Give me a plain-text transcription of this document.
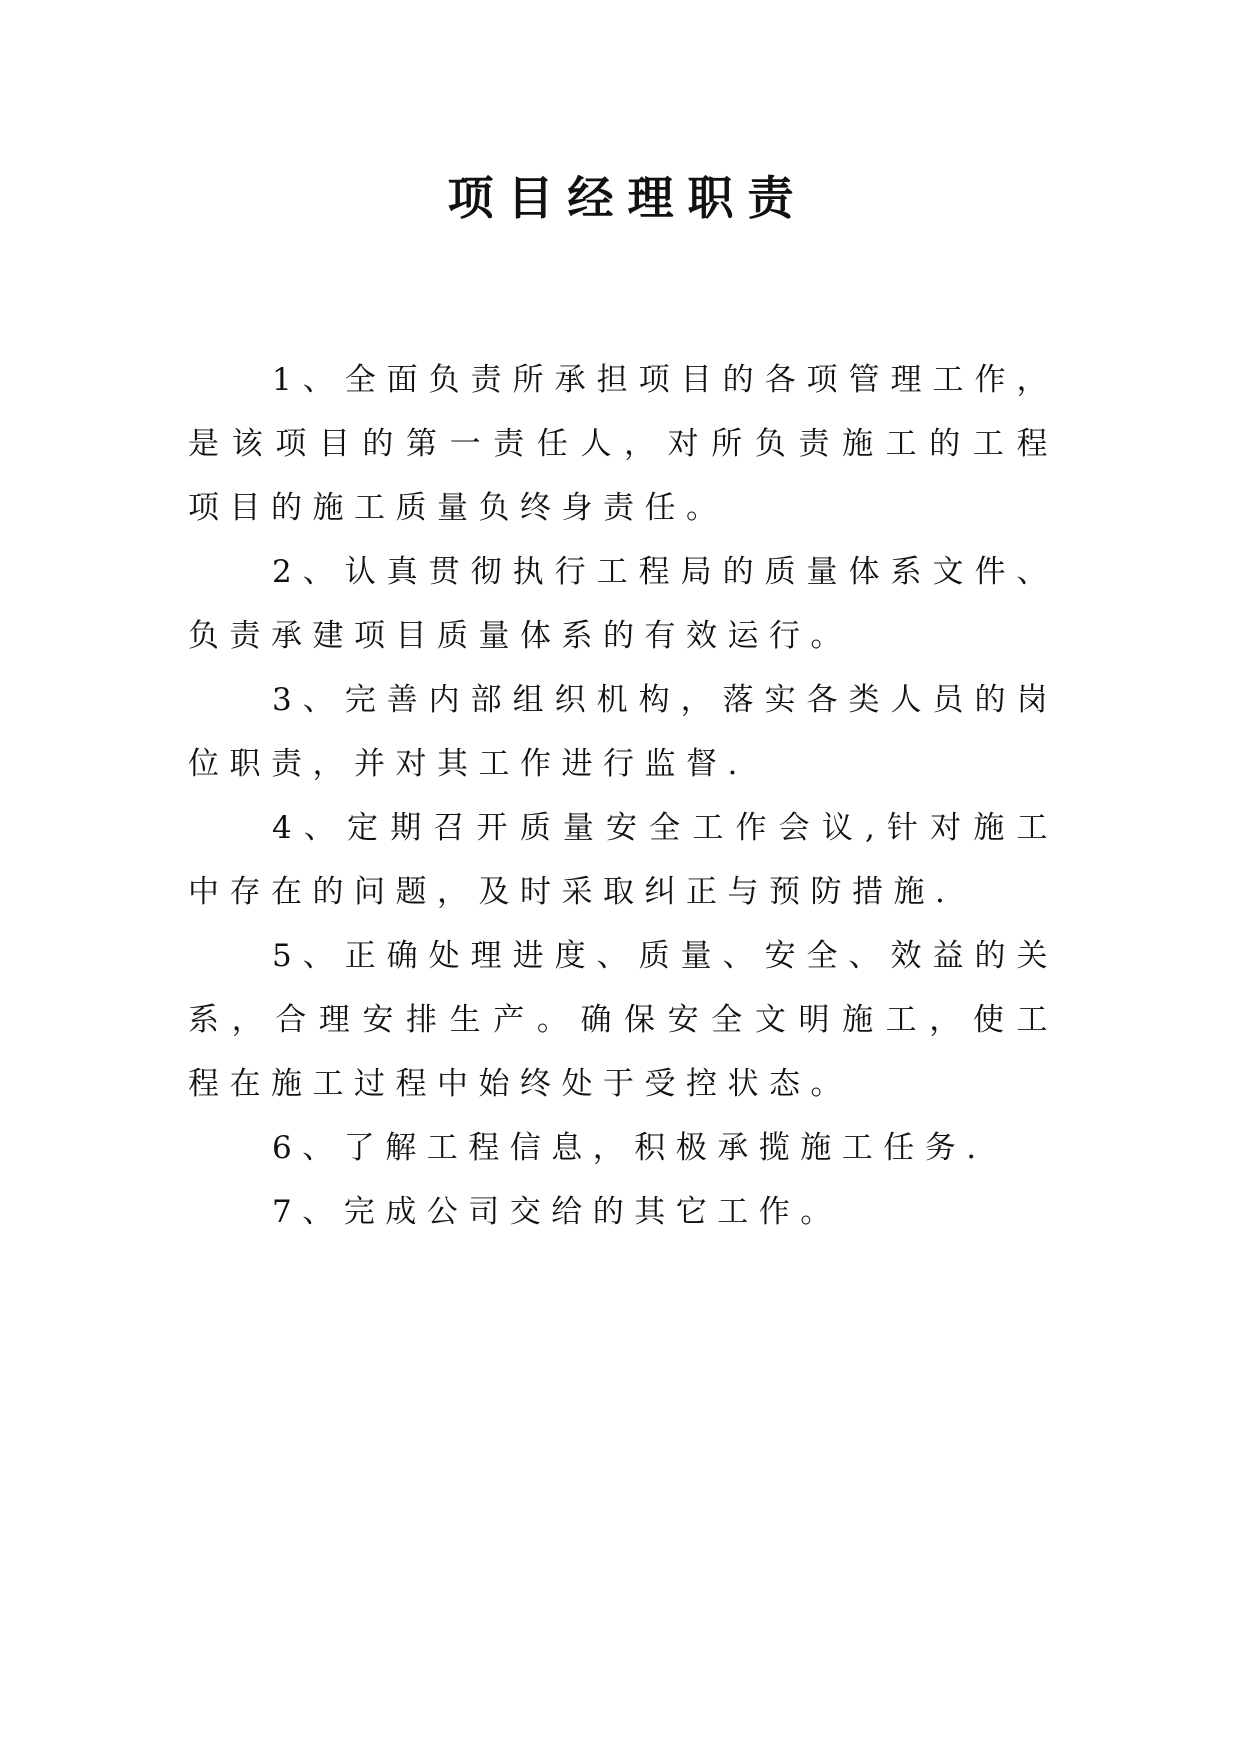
项目经理职责

1、全面负责所承担项目的各项管理工作，是该项目的第一责任人，对所负责施工的工程项目的施工质量负终身责任。

2、认真贯彻执行工程局的质量体系文件、负责承建项目质量体系的有效运行。

3、完善内部组织机构，落实各类人员的岗位职责，并对其工作进行监督.

4、定期召开质量安全工作会议,针对施工中存在的问题，及时采取纠正与预防措施.

5、正确处理进度、质量、安全、效益的关系，合理安排生产。确保安全文明施工，使工程在施工过程中始终处于受控状态。

6、了解工程信息，积极承揽施工任务.

7、完成公司交给的其它工作。
